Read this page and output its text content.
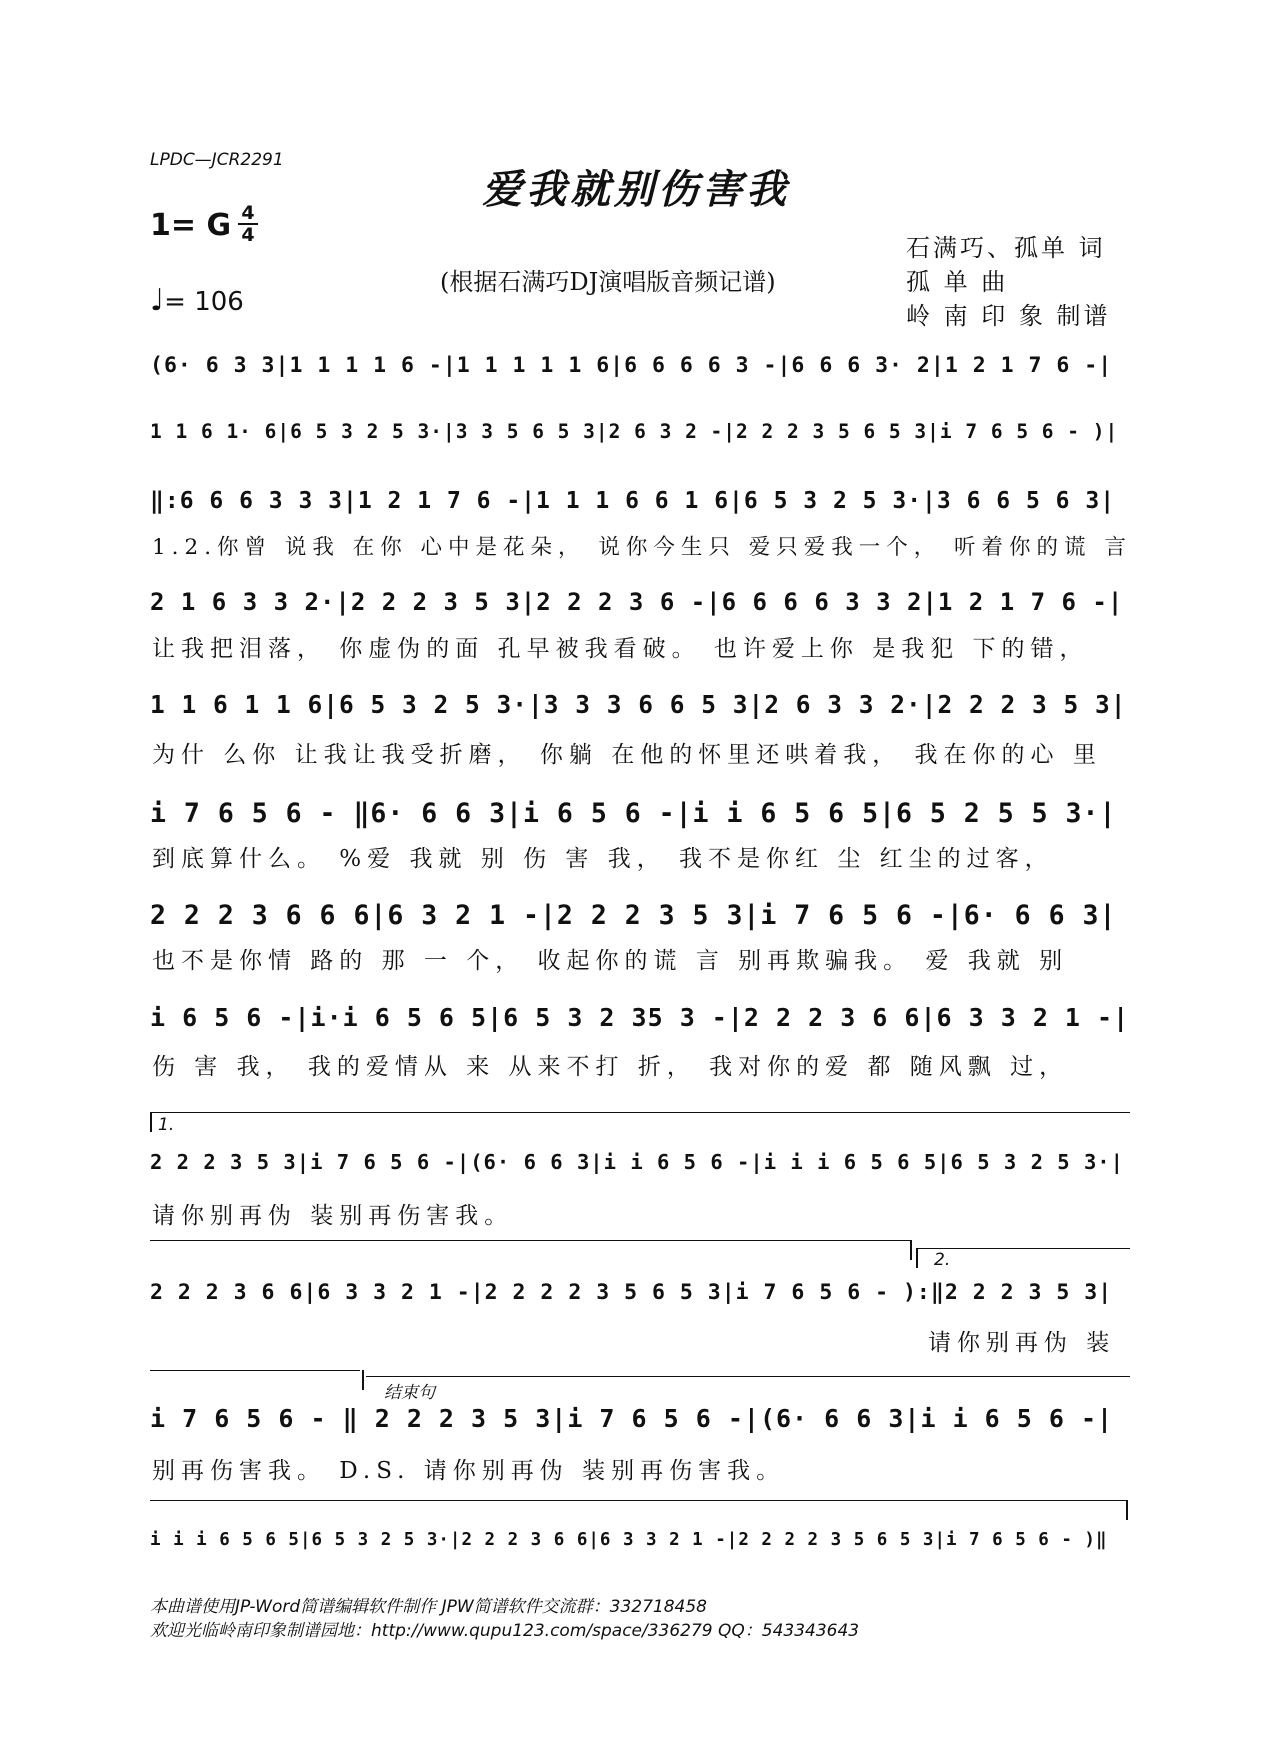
LPDC—JCR2291
爱我就别伤害我
1= G 4
4
♩= 106
(根据石满巧DJ演唱版音频记谱)
石满巧、孤单 词
孤 单 曲
岭 南 印 象 制谱
(6· 6 3 3|1 1 1 1 6 -|1 1 1 1 1 6|6 6 6 6 3 -|6 6 6 3· 2|1 2 1 7 6 -|
1 1 6 1· 6|6 5 3 2 5 3·|3 3 5 6 5 3|2 6 3 2 -|2 2 2 3 5 6 5 3|i 7 6 5 6 - )|
‖:6 6 6 3 3 3|1 2 1 7 6 -|1 1 1 6 6 1 6|6 5 3 2 5 3·|3 6 6 5 6 3|
1.2.你曾 说我 在你 心中是花朵， 说你今生只 爱只爱我一个， 听着你的谎 言
2 1 6 3 3 2·|2 2 2 3 5 3|2 2 2 3 6 -|6 6 6 6 3 3 2|1 2 1 7 6 -|
让我把泪落， 你虚伪的面 孔早被我看破。 也许爱上你 是我犯 下的错，
1 1 6 1 1 6|6 5 3 2 5 3·|3 3 3 6 6 5 3|2 6 3 3 2·|2 2 2 3 5 3|
为什 么你 让我让我受折磨， 你躺 在他的怀里还哄着我， 我在你的心 里
i 7 6 5 6 - ‖6· 6 6 3|i 6 5 6 -|i i 6 5 6 5|6 5 2 5 5 3·|
到底算什么。 %爱 我就 别 伤 害 我， 我不是你红 尘 红尘的过客，
2 2 2 3 6 6 6|6 3 2 1 -|2 2 2 3 5 3|i 7 6 5 6 -|6· 6 6 3|
也不是你情 路的 那 一 个， 收起你的谎 言 别再欺骗我。 爱 我就 别
i 6 5 6 -|i·i 6 5 6 5|6 5 3 2 35 3 -|2 2 2 3 6 6|6 3 3 2 1 -|
伤 害 我， 我的爱情从 来 从来不打 折， 我对你的爱 都 随风飘 过，
1.
2 2 2 3 5 3|i 7 6 5 6 -|(6· 6 6 3|i i 6 5 6 -|i i i 6 5 6 5|6 5 3 2 5 3·|
请你别再伪 装别再伤害我。
2.
2 2 2 3 6 6|6 3 3 2 1 -|2 2 2 2 3 5 6 5 3|i 7 6 5 6 - ):‖2 2 2 3 5 3|
请你别再伪 装
结束句
i 7 6 5 6 - ‖ 2 2 2 3 5 3|i 7 6 5 6 -|(6· 6 6 3|i i 6 5 6 -|
别再伤害我。 D.S. 请你别再伪 装别再伤害我。
i i i 6 5 6 5|6 5 3 2 5 3·|2 2 2 3 6 6|6 3 3 2 1 -|2 2 2 2 3 5 6 5 3|i 7 6 5 6 - )‖
本曲谱使用JP-Word简谱编辑软件制作 JPW简谱软件交流群：332718458
欢迎光临岭南印象制谱园地：http://www.qupu123.com/space/336279 QQ：543343643
